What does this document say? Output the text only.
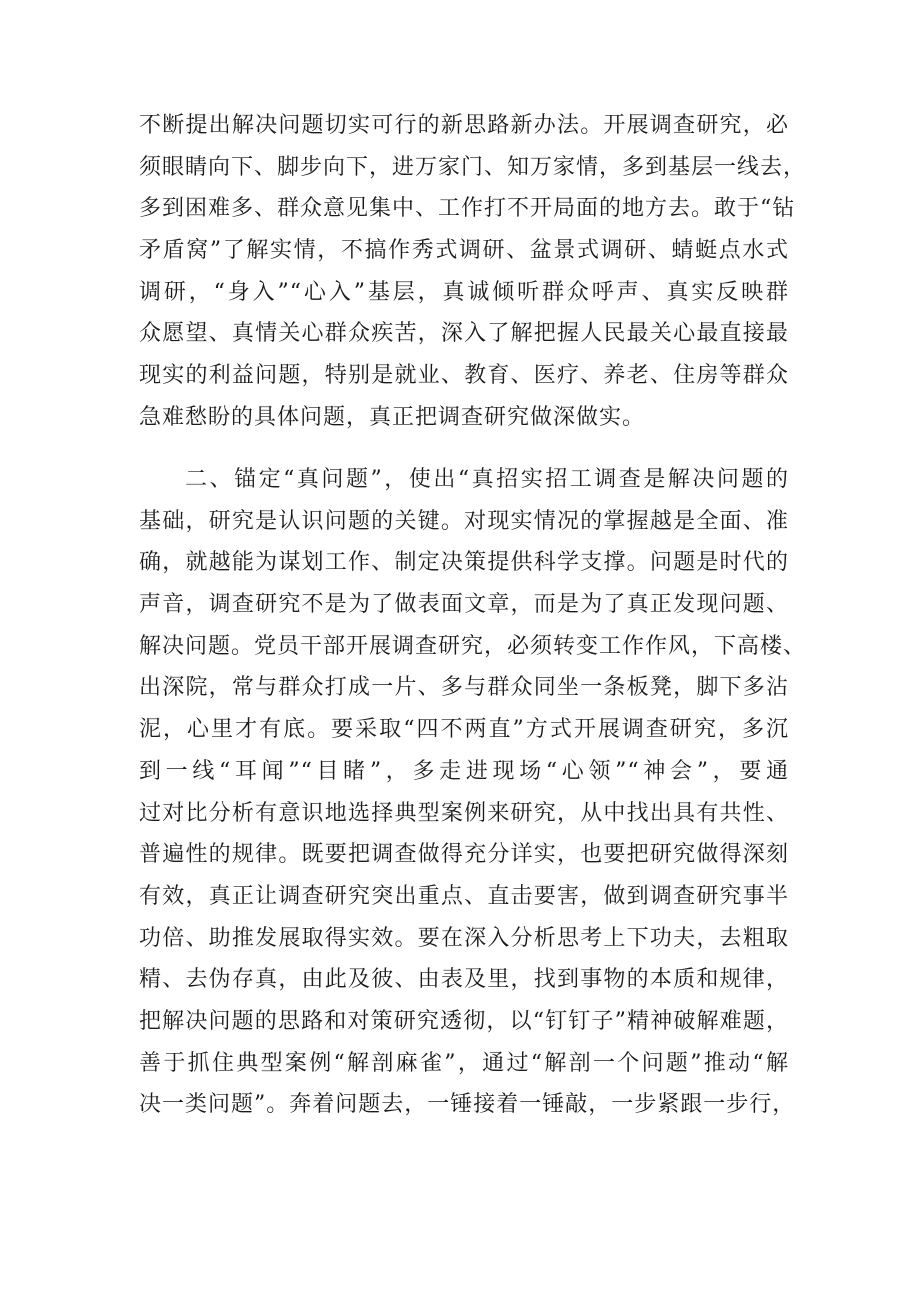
不断提出解决问题切实可行的新思路新办法。开展调查研究，必
须眼睛向下、脚步向下，进万家门、知万家情，多到基层一线去，
多到困难多、群众意见集中、工作打不开局面的地方去。敢于“钻
矛盾窝”了解实情，不搞作秀式调研、盆景式调研、蜻蜓点水式
调研，“身入”“心入”基层，真诚倾听群众呼声、真实反映群
众愿望、真情关心群众疾苦，深入了解把握人民最关心最直接最
现实的利益问题，特别是就业、教育、医疗、养老、住房等群众
急难愁盼的具体问题，真正把调查研究做深做实。
二、锚定“真问题”，使出“真招实招工调查是解决问题的
基础，研究是认识问题的关键。对现实情况的掌握越是全面、准
确，就越能为谋划工作、制定决策提供科学支撑。问题是时代的
声音，调查研究不是为了做表面文章，而是为了真正发现问题、
解决问题。党员干部开展调查研究，必须转变工作作风，下高楼、
出深院，常与群众打成一片、多与群众同坐一条板凳，脚下多沾
泥，心里才有底。要采取“四不两直”方式开展调查研究，多沉
到一线“耳闻”“目睹”，多走进现场“心领”“神会”，要通
过对比分析有意识地选择典型案例来研究，从中找出具有共性、
普遍性的规律。既要把调查做得充分详实，也要把研究做得深刻
有效，真正让调查研究突出重点、直击要害，做到调查研究事半
功倍、助推发展取得实效。要在深入分析思考上下功夫，去粗取
精、去伪存真，由此及彼、由表及里，找到事物的本质和规律，
把解决问题的思路和对策研究透彻，以“钉钉子”精神破解难题，
善于抓住典型案例“解剖麻雀”，通过“解剖一个问题”推动“解
决一类问题”。奔着问题去，一锤接着一锤敲，一步紧跟一步行，
